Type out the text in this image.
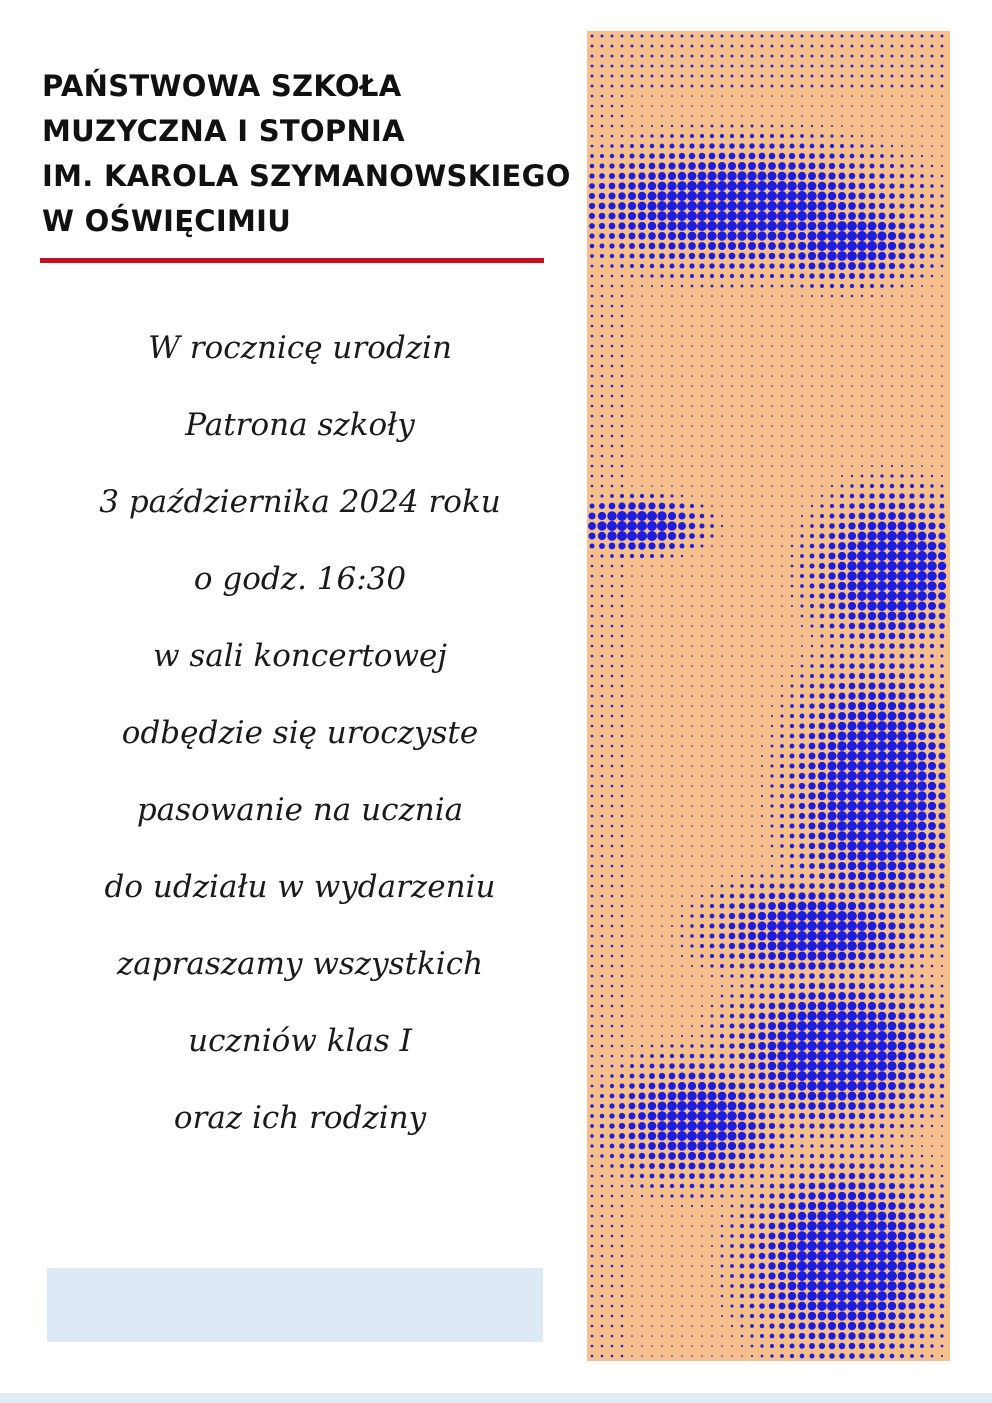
PAŃSTWOWA SZKOŁA
MUZYCZNA I STOPNIA
IM. KAROLA SZYMANOWSKIEGO
W OŚWIĘCIMIU
W rocznicę urodzin
Patrona szkoły
3 października 2024 roku
o godz. 16:30
w sali koncertowej
odbędzie się uroczyste
pasowanie na ucznia
do udziału w wydarzeniu
zapraszamy wszystkich
uczniów klas I
oraz ich rodziny
